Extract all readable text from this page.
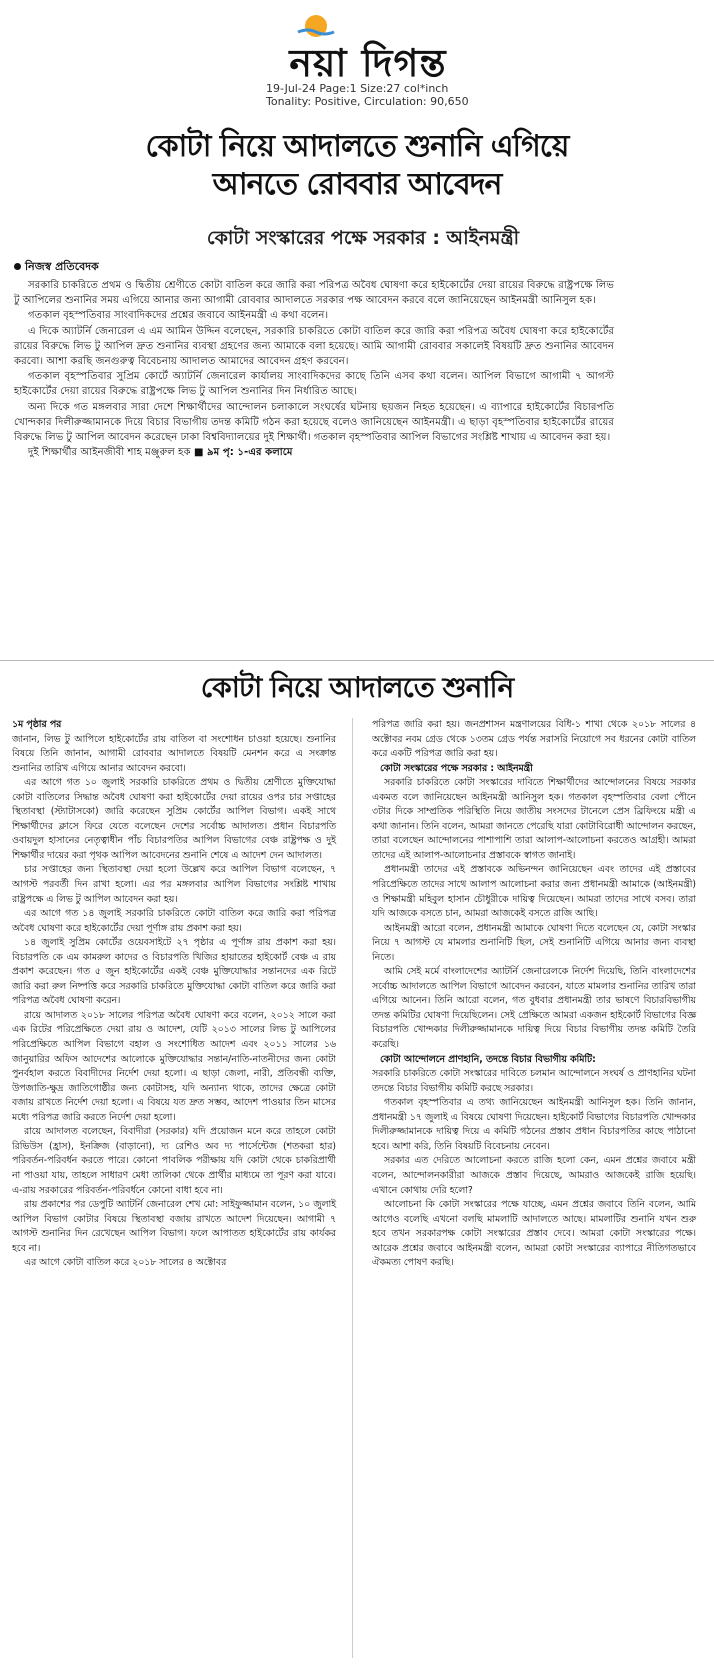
নয়া দিগন্ত
19-Jul-24 Page:1 Size:27 col*inch
Tonality: Positive, Circulation: 90,650
কোটা নিয়ে আদালতে শুনানি এগিয়ে
আনতে রোববার আবেদন
কোটা সংস্কারের পক্ষে সরকার : আইনমন্ত্রী
নিজস্ব প্রতিবেদক

সরকারি চাকরিতে প্রথম ও দ্বিতীয় শ্রেণীতে কোটা বাতিল করে জারি করা পরিপত্র অবৈধ ঘোষণা করে হাইকোর্টের দেয়া রায়ের বিরুদ্ধে রাষ্ট্রপক্ষে লিভ টু আপিলের শুনানির সময় এগিয়ে আনার জন্য আগামী রোববার আদালতে সরকার পক্ষ আবেদন করবে বলে জানিয়েছেন আইনমন্ত্রী আনিসুল হক।

গতকাল বৃহস্পতিবার সাংবাদিকদের প্রশ্নের জবাবে আইনমন্ত্রী এ কথা বলেন।

এ দিকে অ্যাটর্নি জেনারেল এ এম আমিন উদ্দিন বলেছেন, সরকারি চাকরিতে কোটা বাতিল করে জারি করা পরিপত্র অবৈধ ঘোষণা করে হাইকোর্টের রায়ের বিরুদ্ধে লিভ টু আপিল দ্রুত শুনানির ব্যবস্থা গ্রহণের জন্য আমাকে বলা হয়েছে। আমি আগামী রোববার সকালেই বিষয়টি দ্রুত শুনানির আবেদন করবো। আশা করছি জনগুরুত্ব বিবেচনায় আদালত আমাদের আবেদন গ্রহণ করবেন।

গতকাল বৃহস্পতিবার সুপ্রিম কোর্টে অ্যাটর্নি জেনারেল কার্যালয় সাংবাদিকদের কাছে তিনি এসব কথা বলেন। আপিল বিভাগে আগামী ৭ আগস্ট হাইকোর্টের দেয়া রায়ের বিরুদ্ধে রাষ্ট্রপক্ষে লিভ টু আপিল শুনানির দিন নির্ধারিত আছে।

অন্য দিকে গত মঙ্গলবার সারা দেশে শিক্ষার্থীদের আন্দোলন চলাকালে সংঘর্ষের ঘটনায় ছয়জন নিহত হয়েছেন। এ ব্যাপারে হাইকোর্টের বিচারপতি খোন্দকার দিলীরুজ্জামানকে দিয়ে বিচার বিভাগীয় তদন্ত কমিটি গঠন করা হয়েছে বলেও জানিয়েছেন আইনমন্ত্রী। এ ছাড়া বৃহস্পতিবার হাইকোর্টের রায়ের বিরুদ্ধে লিভ টু আপিল আবেদন করেছেন ঢাকা বিশ্ববিদ্যালয়ের দুই শিক্ষার্থী। গতকাল বৃহস্পতিবার আপিল বিভাগের সংশ্লিষ্ট শাখায় এ আবেদন করা হয়।

দুই শিক্ষার্থীর আইনজীবী শাহ মঞ্জুরুল হক ■ ৯ম পৃ: ১-এর কলামে

কোটা নিয়ে আদালতে শুনানি

১ম পৃষ্ঠার পর

জানান, লিভ টু আপিলে হাইকোর্টের রায় বাতিল বা সংশোধন চাওয়া হয়েছে। শুনানির বিষয়ে তিনি জানান, আগামী রোববার আদালতে বিষয়টি মেনশন করে এ সংক্রান্ত শুনানির তারিখ এগিয়ে আনার আবেদন করবো।

এর আগে গত ১০ জুলাই সরকারি চাকরিতে প্রথম ও দ্বিতীয় শ্রেণীতে মুক্তিযোদ্ধা কোটা বাতিলের সিদ্ধান্ত অবৈধ ঘোষণা করা হাইকোর্টের দেয়া রায়ের ওপর চার সপ্তাহের স্থিতাবস্থা (স্ট্যাটাসকো) জারি করেছেন সুপ্রিম কোর্টের আপিল বিভাগ। একই সাথে শিক্ষার্থীদের ক্লাসে ফিরে যেতে বলেছেন দেশের সর্বোচ্চ আদালত। প্রধান বিচারপতি ওবায়দুল হাসানের নেতৃত্বাধীন পাঁচ বিচারপতির আপিল বিভাগের বেঞ্চ রাষ্ট্রপক্ষ ও দুই শিক্ষার্থীর দায়ের করা পৃথক আপিল আবেদনের শুনানি শেষে এ আদেশ দেন আদালত।

চার সপ্তাহের জন্য স্থিতাবস্থা দেয়া হলো উল্লেখ করে আপিল বিভাগ বলেছেন, ৭ আগস্ট পরবর্তী দিন রাখা হলো। এর পর মঙ্গলবার আপিল বিভাগের সংশ্লিষ্ট শাখায় রাষ্ট্রপক্ষে এ লিভ টু আপিল আবেদন করা হয়।

এর আগে গত ১৪ জুলাই সরকারি চাকরিতে কোটা বাতিল করে জারি করা পরিপত্র অবৈধ ঘোষণা করে হাইকোর্টের দেয়া পূর্ণাঙ্গ রায় প্রকাশ করা হয়।

১৪ জুলাই সুপ্রিম কোর্টের ওয়েবসাইটে ২৭ পৃষ্ঠার এ পূর্ণাঙ্গ রায় প্রকাশ করা হয়। বিচারপতি কে এম কামরুল কাদের ও বিচারপতি খিজির হায়াতের হাইকোর্ট বেঞ্চ এ রায় প্রকাশ করেছেন। গত ৫ জুন হাইকোর্টের একই বেঞ্চ মুক্তিযোদ্ধার সন্তানদের এক রিটে জারি করা রুল নিষ্পত্তি করে সরকারি চাকরিতে মুক্তিযোদ্ধা কোটা বাতিল করে জারি করা পরিপত্র অবৈধ ঘোষণা করেন।

রায়ে আদালত ২০১৮ সালের পরিপত্র অবৈধ ঘোষণা করে বলেন, ২০১২ সালে করা এক রিটের পরিপ্রেক্ষিতে দেয়া রায় ও আদেশ, যেটি ২০১৩ সালের লিভ টু আপিলের পরিপ্রেক্ষিতে আপিল বিভাগে বহাল ও সংশোধিত আদেশ এবং ২০১১ সালের ১৬ জানুয়ারির অফিস আদেশের আলোকে মুক্তিযোদ্ধার সন্তান/নাতি-নাতনীদের জন্য কোটা পুনর্বহাল করতে বিবাদীদের নির্দেশ দেয়া হলো। এ ছাড়া জেলা, নারী, প্রতিবন্ধী ব্যক্তি, উপজাতি-ক্ষুদ্র জাতিগোষ্ঠীর জন্য কোটাসহ, যদি অন্যান্য থাকে, তাদের ক্ষেত্রে কোটা বজায় রাখতে নির্দেশ দেয়া হলো। এ বিষয়ে যত দ্রুত সম্ভব, আদেশ পাওয়ার তিন মাসের মধ্যে পরিপত্র জারি করতে নির্দেশ দেয়া হলো।

রায়ে আদালত বলেছেন, বিবাদীরা (সরকার) যদি প্রয়োজন মনে করে তাহলে কোটা রিভিউস (হ্রাস), ইনক্রিজ (বাড়ানো), দ্য রেশিও অব দ্য পার্সেন্টেজ (শতকরা হার) পরিবর্তন-পরিবর্ধন করতে পারে। কোনো পাবলিক পরীক্ষায় যদি কোটা থেকে চাকরিপ্রার্থী না পাওয়া যায়, তাহলে সাধারণ মেধা তালিকা থেকে প্রার্থীর মাধ্যমে তা পূরণ করা যাবে। এ-রায় সরকারের পরিবর্তন-পরিবর্ধনে কোনো বাধা হবে না।

রায় প্রকাশের পর ডেপুটি অ্যাটর্নি জেনারেল শেখ মো: সাইফুজ্জামান বলেন, ১০ জুলাই আপিল বিভাগ কোটার বিষয়ে স্থিতাবস্থা বজায় রাখতে আদেশ দিয়েছেন। আগামী ৭ আগস্ট শুনানির দিন রেখেছেন আপিল বিভাগ। ফলে আপাতত হাইকোর্টের রায় কার্যকর হবে না।

এর আগে কোটা বাতিল করে ২০১৮ সালের ৪ অক্টোবর

পরিপত্র জারি করা হয়। জনপ্রশাসন মন্ত্রণালয়ের বিধি-১ শাখা থেকে ২০১৮ সালের ৪ অক্টোবর নবম গ্রেড থেকে ১৩তম গ্রেড পর্যন্ত সরাসরি নিয়োগে সব ধরনের কোটা বাতিল করে একটি পরিপত্র জারি করা হয়।

কোটা সংস্কারের পক্ষে সরকার : আইনমন্ত্রী

সরকারি চাকরিতে কোটা সংস্কারের দাবিতে শিক্ষার্থীদের আন্দোলনের বিষয়ে সরকার একমত বলে জানিয়েছেন আইনমন্ত্রী আনিসুল হক। গতকাল বৃহস্পতিবার বেলা পৌনে ৩টার দিকে সাম্প্রতিক পরিস্থিতি নিয়ে জাতীয় সংসদের টানেলে প্রেস ব্রিফিংয়ে মন্ত্রী এ কথা জানান। তিনি বলেন, আমরা জানতে পেরেছি যারা কোটাবিরোধী আন্দোলন করছেন, তারা বলেছেন আন্দোলনের পাশাপাশি তারা আলাপ-আলোচনা করতেও আগ্রহী। আমরা তাদের এই আলাপ-আলোচনার প্রস্তাবকে স্বাগত জানাই।

প্রধানমন্ত্রী তাদের এই প্রস্তাবকে অভিনন্দন জানিয়েছেন এবং তাদের এই প্রস্তাবের পরিপ্রেক্ষিতে তাদের সাথে আলাপ আলোচনা করার জন্য প্রধানমন্ত্রী আমাকে (আইনমন্ত্রী) ও শিক্ষামন্ত্রী মহিবুল হাসান চৌধুরীকে দায়িত্ব দিয়েছেন। আমরা তাদের সাথে বসব। তারা যদি আজকে বসতে চান, আমরা আজকেই বসতে রাজি আছি।

আইনমন্ত্রী আরো বলেন, প্রধানমন্ত্রী আমাকে ঘোষণা দিতে বলেছেন যে, কোটা সংস্কার নিয়ে ৭ আগস্ট যে মামলার শুনানিটি ছিল, সেই শুনানিটি এগিয়ে আনার জন্য ব্যবস্থা নিতে।

আমি সেই মর্মে বাংলাদেশের অ্যাটর্নি জেনারেলকে নির্দেশ দিয়েছি, তিনি বাংলাদেশের সর্বোচ্চ আদালতে আপিল বিভাগে আবেদন করবেন, যাতে মামলার শুনানির তারিখ তারা এগিয়ে আনেন। তিনি আরো বলেন, গত বুধবার প্রধানমন্ত্রী তার ভাষণে বিচারবিভাগীয় তদন্ত কমিটির ঘোষণা দিয়েছিলেন। সেই প্রেক্ষিতে আমরা একজন হাইকোর্ট বিভাগের বিজ্ঞ বিচারপতি খোন্দকার দিলীরুজ্জামানকে দায়িত্ব দিয়ে বিচার বিভাগীয় তদন্ত কমিটি তৈরি করেছি।

কোটা আন্দোলনে প্রাণহানি, তদন্তে বিচার বিভাগীয় কমিটি:

সরকারি চাকরিতে কোটা সংস্কারের দাবিতে চলমান আন্দোলনে সংঘর্ষ ও প্রাণহানির ঘটনা তদন্তে বিচার বিভাগীয় কমিটি করছে সরকার।

গতকাল বৃহস্পতিবার এ তথ্য জানিয়েছেন আইনমন্ত্রী আনিসুল হক। তিনি জানান, প্রধানমন্ত্রী ১৭ জুলাই এ বিষয়ে ঘোষণা দিয়েছেন। হাইকোর্ট বিভাগের বিচারপতি খোন্দকার দিলীরুজ্জামানকে দায়িত্ব দিয়ে এ কমিটি গঠনের প্রস্তাব প্রধান বিচারপতির কাছে পাঠানো হবে। আশা করি, তিনি বিষয়টি বিবেচনায় নেবেন।

সরকার এত দেরিতে আলোচনা করতে রাজি হলো কেন, এমন প্রশ্নের জবাবে মন্ত্রী বলেন, আন্দোলনকারীরা আজকে প্রস্তাব দিয়েছে, আমরাও আজকেই রাজি হয়েছি। এখানে কোথায় দেরি হলো?

আলোচনা কি কোটা সংস্কারের পক্ষে যাচ্ছে, এমন প্রশ্নের জবাবে তিনি বলেন, আমি আগেও বলেছি এখনো বলছি মামলাটি আদালতে আছে। মামলাটির শুনানি যখন শুরু হবে তখন সরকারপক্ষ কোটা সংস্কারের প্রস্তাব দেবে। আমরা কোটা সংস্কারের পক্ষে। আরেক প্রশ্নের জবাবে আইনমন্ত্রী বলেন, আমরা কোটা সংস্কারের ব্যাপারে নীতিগতভাবে ঐকমত্য পোষণ করছি।
